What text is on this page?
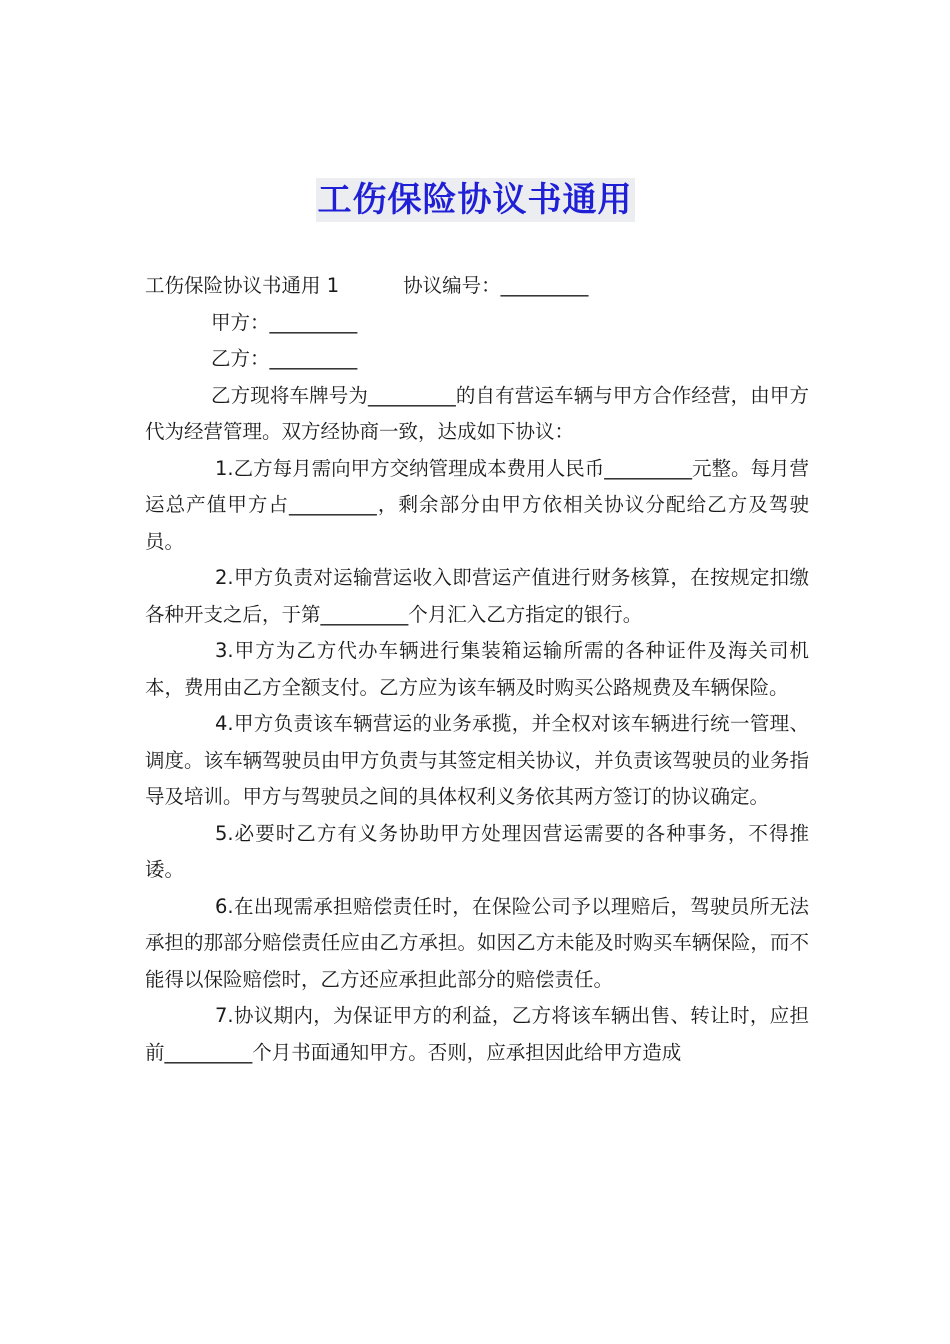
工伤保险协议书通用
工伤保险协议书通用 1	协议编号：_________
甲方：_________
乙方：_________

乙方现将车牌号为_________的自有营运车辆与甲方合作经营，由甲方代为经营管理。双方经协商一致，达成如下协议：

1.乙方每月需向甲方交纳管理成本费用人民币_________元整。每月营运总产值甲方占_________，剩余部分由甲方依相关协议分配给乙方及驾驶员。

2.甲方负责对运输营运收入即营运产值进行财务核算，在按规定扣缴各种开支之后，于第_________个月汇入乙方指定的银行。

3.甲方为乙方代办车辆进行集装箱运输所需的各种证件及海关司机本，费用由乙方全额支付。乙方应为该车辆及时购买公路规费及车辆保险。

4.甲方负责该车辆营运的业务承揽，并全权对该车辆进行统一管理、调度。该车辆驾驶员由甲方负责与其签定相关协议，并负责该驾驶员的业务指导及培训。甲方与驾驶员之间的具体权利义务依其两方签订的协议确定。

5.必要时乙方有义务协助甲方处理因营运需要的各种事务，不得推诿。

6.在出现需承担赔偿责任时，在保险公司予以理赔后，驾驶员所无法承担的那部分赔偿责任应由乙方承担。如因乙方未能及时购买车辆保险，而不能得以保险赔偿时，乙方还应承担此部分的赔偿责任。

7.协议期内，为保证甲方的利益，乙方将该车辆出售、转让时，应担前_________个月书面通知甲方。否则，应承担因此给甲方造成
